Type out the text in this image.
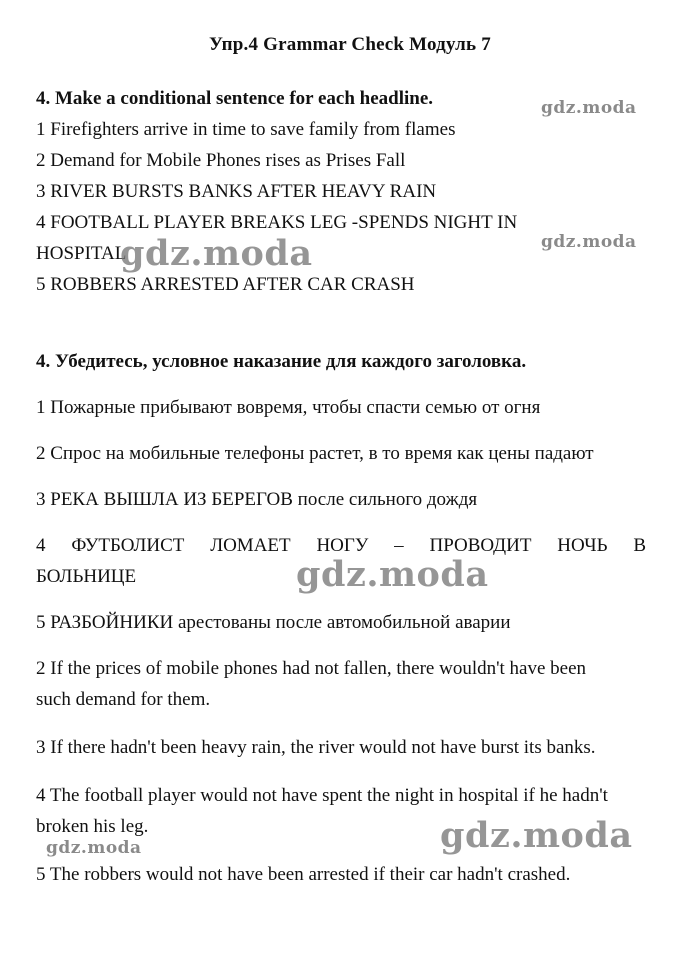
Упр.4 Grammar Check Модуль 7
4. Make a conditional sentence for each headline.
1 Firefighters arrive in time to save family from flames
2 Demand for Mobile Phones rises as Prises Fall
3 RIVER BURSTS BANKS AFTER HEAVY RAIN
4 FOOTBALL PLAYER BREAKS LEG -SPENDS NIGHT IN
HOSPITAL
5 ROBBERS ARRESTED AFTER CAR CRASH
4. Убедитесь, условное наказание для каждого заголовка.
1 Пожарные прибывают вовремя, чтобы спасти семью от огня
2 Спрос на мобильные телефоны растет, в то время как цены падают
3 РЕКА ВЫШЛА ИЗ БЕРЕГОВ после сильного дождя
4 ФУТБОЛИСТ ЛОМАЕТ НОГУ – ПРОВОДИТ НОЧЬ В
БОЛЬНИЦЕ
5 РАЗБОЙНИКИ арестованы после автомобильной аварии
2 If the prices of mobile phones had not fallen, there wouldn't have been
such demand for them.
3 If there hadn't been heavy rain, the river would not have burst its banks.
4 The football player would not have spent the night in hospital if he hadn't
broken his leg.
5 The robbers would not have been arrested if their car hadn't crashed.
gdz.moda
gdz.moda
gdz.moda
gdz.moda
gdz.moda
gdz.moda
